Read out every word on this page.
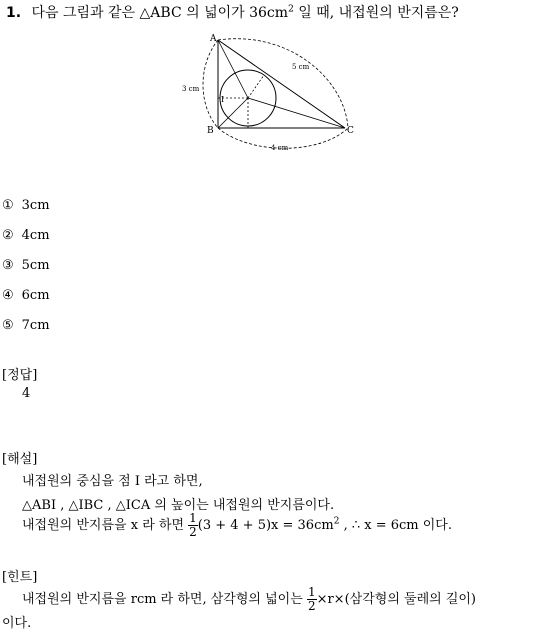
1. 다음 그림과 같은 △ABC 의 넓이가 $36cm^2$ 일 때, 내접원의 반지름은?
A
B	C
I
3 cm
5 cm
4 cm
① 3cm
② 4cm
③ 5cm
④ 6cm
⑤ 7cm
[정답]
4
[해설]
내접원의 중심을 점 I 라고 하면,
△ABI , △IBC , △ICA 의 높이는 내접원의 반지름이다.
내접원의 반지름을 x 라 하면 $\frac{1}{2} (3 + 4 + 5)x = 36cm^2$ , ∴ x = 6cm 이다.
[힌트]
내접원의 반지름을 rcm 라 하면, 삼각형의 넓이는 $\frac{1}{2} \times r\times$(삼각형의 둘레의 길이)
이다.
